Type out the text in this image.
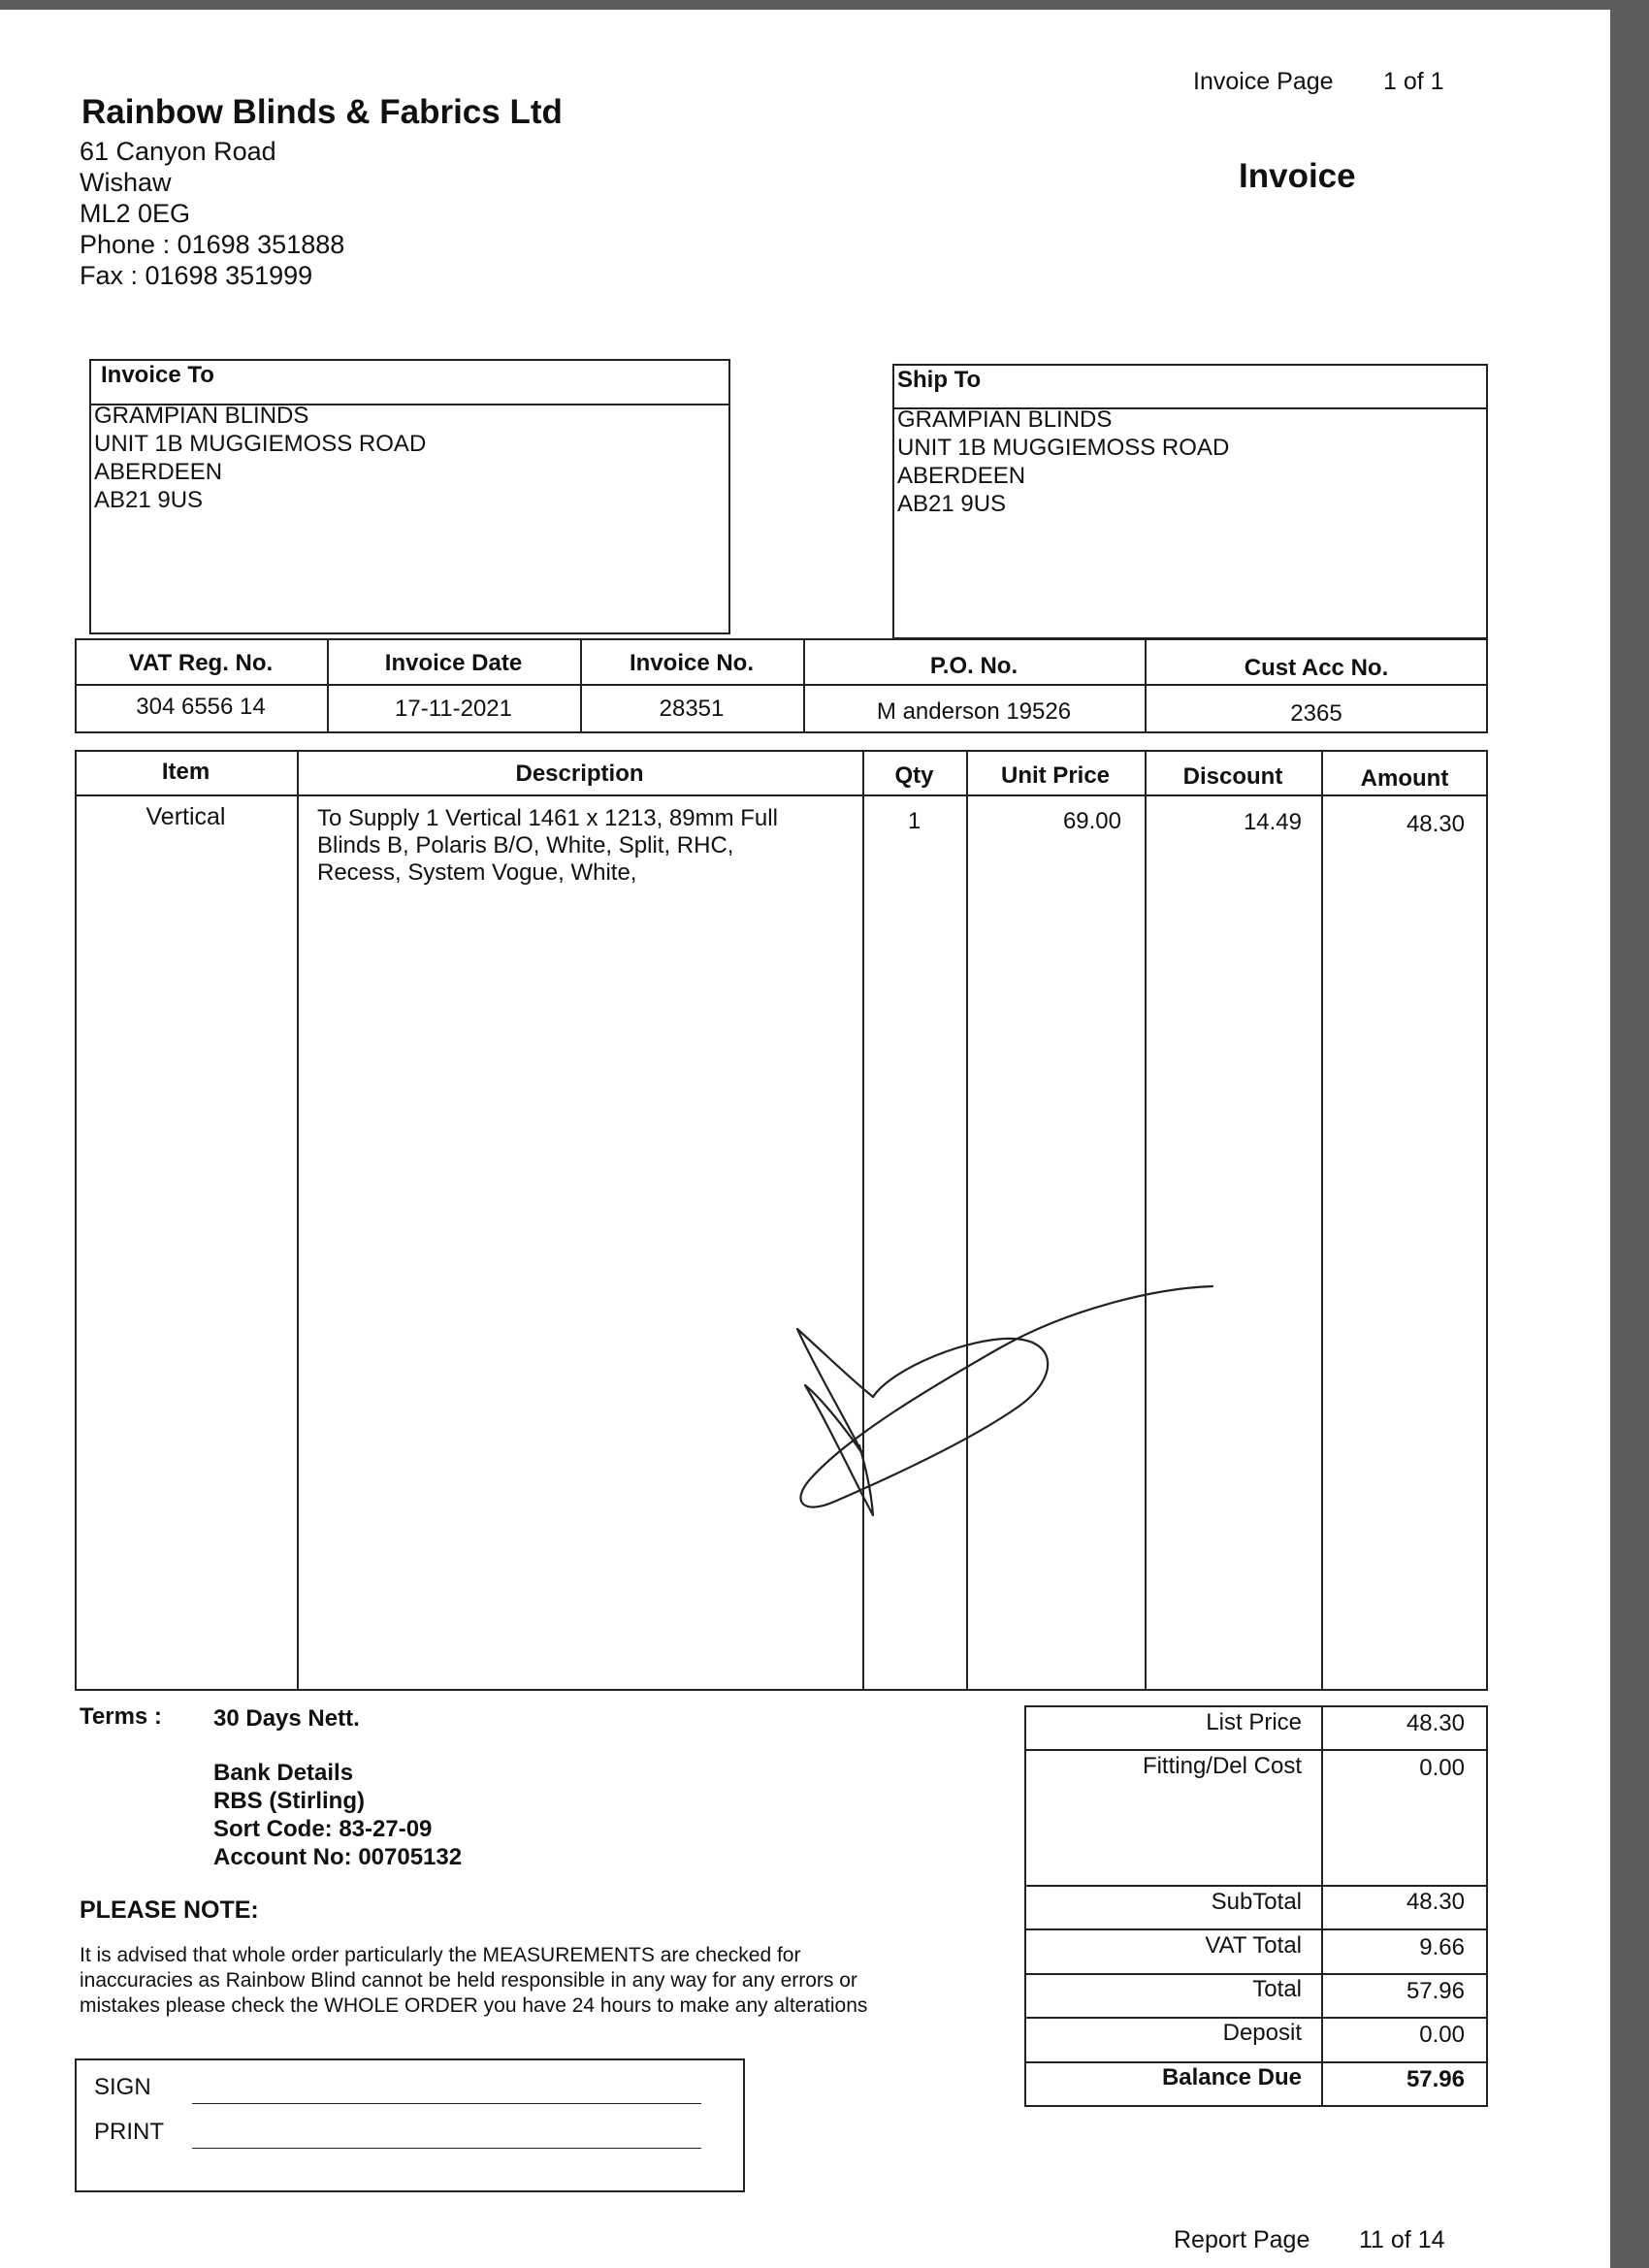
Invoice Page 1 of 1
Rainbow Blinds & Fabrics Ltd
61 Canyon Road
Wishaw
ML2 0EG
Phone : 01698 351888
Fax : 01698 351999
Invoice
Invoice To
GRAMPIAN BLINDS
UNIT 1B MUGGIEMOSS ROAD
ABERDEEN
AB21 9US
Ship To
GRAMPIAN BLINDS
UNIT 1B MUGGIEMOSS ROAD
ABERDEEN
AB21 9US
VAT Reg. No.	Invoice Date	Invoice No.	P.O. No.	Cust Acc No.
304 6556 14	17-11-2021	28351	M anderson 19526	2365
Item	Description	Qty	Unit Price	Discount	Amount
Vertical	To Supply 1 Vertical 1461 x 1213, 89mm Full
Blinds B, Polaris B/O, White, Split, RHC,
Recess, System Vogue, White,
1	69.00	14.49	48.30
Terms : 30 Days Nett.
Bank Details
RBS (Stirling)
Sort Code: 83-27-09
Account No: 00705132
PLEASE NOTE:
It is advised that whole order particularly the MEASUREMENTS are checked for
inaccuracies as Rainbow Blind cannot be held responsible in any way for any errors or
mistakes please check the WHOLE ORDER you have 24 hours to make any alterations
SIGN
PRINT
List Price	48.30
Fitting/Del Cost	0.00
SubTotal	48.30
VAT Total	9.66
Total	57.96
Deposit	0.00
Balance Due	57.96
Report Page 11 of 14
